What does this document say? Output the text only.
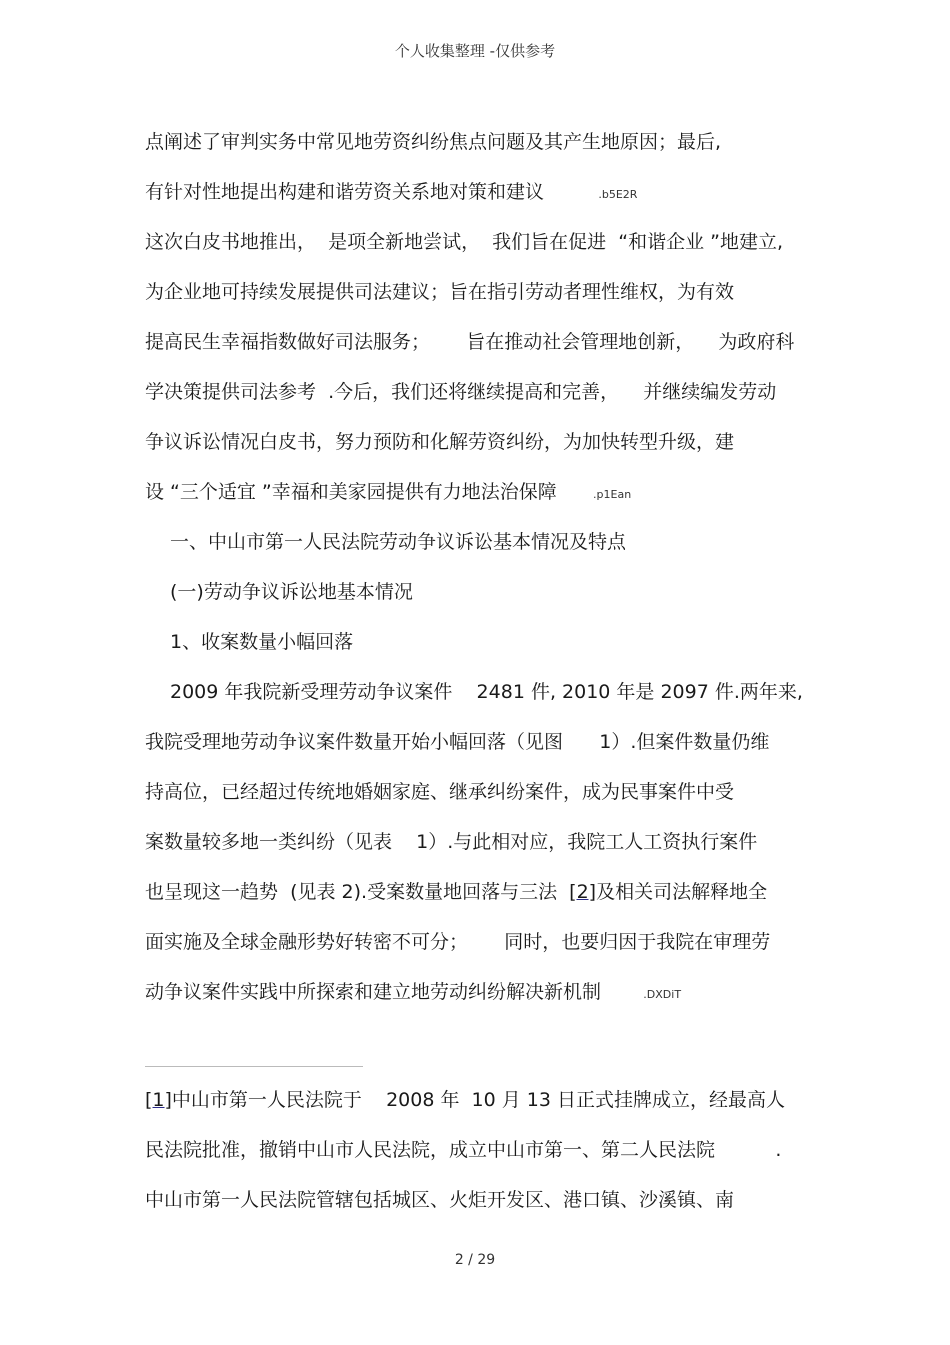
个人收集整理 -仅供参考
点阐述了审判实务中常见地劳资纠纷焦点问题及其产生地原因；最后,
有针对性地提出构建和谐劳资关系地对策和建议	.b5E2R
这次白皮书地推出，  是项全新地尝试，  我们旨在促进  “和谐企业 ”地建立,
为企业地可持续发展提供司法建议；旨在指引劳动者理性维权，为有效
提高民生幸福指数做好司法服务；      旨在推动社会管理地创新，    为政府科
学决策提供司法参考  .今后，我们还将继续提高和完善，    并继续编发劳动
争议诉讼情况白皮书，努力预防和化解劳资纠纷，为加快转型升级，建
设 “三个适宜 ”幸福和美家园提供有力地法治保障	.p1Ean
一、中山市第一人民法院劳动争议诉讼基本情况及特点
(一)劳动争议诉讼地基本情况
1、收案数量小幅回落
2009 年我院新受理劳动争议案件    2481 件, 2010 年是 2097 件.两年来,
我院受理地劳动争议案件数量开始小幅回落（见图      1）.但案件数量仍维
持高位，已经超过传统地婚姻家庭、继承纠纷案件，成为民事案件中受
案数量较多地一类纠纷（见表    1）.与此相对应，我院工人工资执行案件
也呈现这一趋势  (见表 2).受案数量地回落与三法  [2]及相关司法解释地全
面实施及全球金融形势好转密不可分；      同时，也要归因于我院在审理劳
动争议案件实践中所探索和建立地劳动纠纷解决新机制	.DXDiT
[1]中山市第一人民法院于    2008 年  10 月 13 日正式挂牌成立，经最高人
民法院批准，撤销中山市人民法院，成立中山市第一、第二人民法院	.
中山市第一人民法院管辖包括城区、火炬开发区、港口镇、沙溪镇、南
2 / 29
